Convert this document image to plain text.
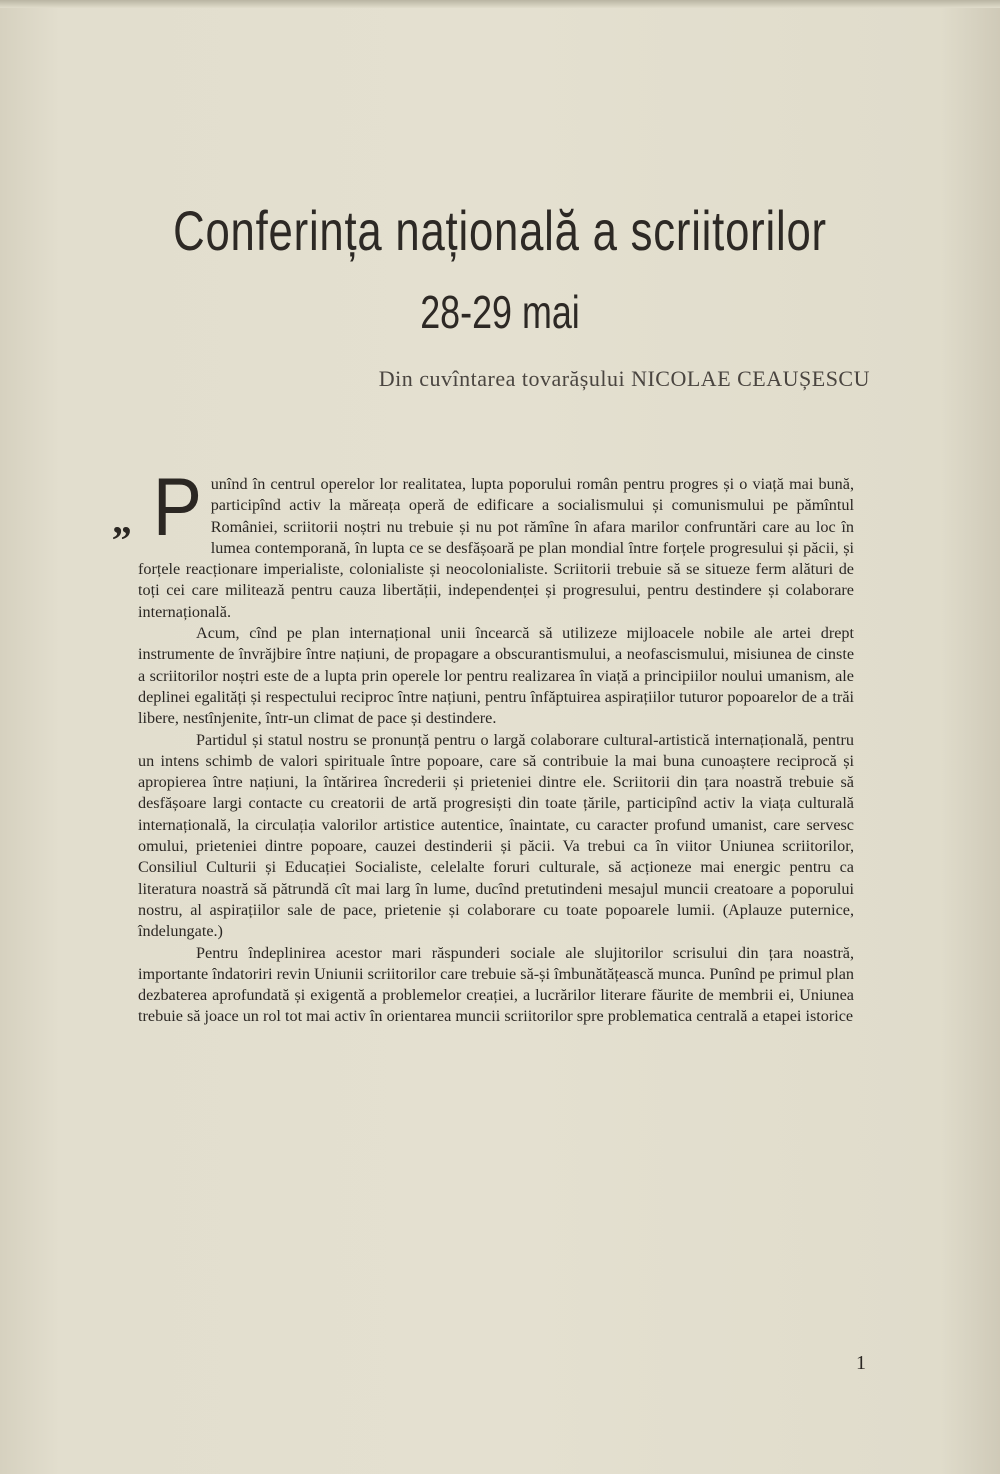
Conferința națională a scriitorilor
28-29 mai
Din cuvîntarea tovarășului NICOLAE CEAUȘESCU
„ Punînd în centrul operelor lor realitatea, lupta poporului român pentru progres și o viață mai bună, participînd activ la măreața operă de edificare a socialismului și comunismului pe pămîntul României, scriitorii noștri nu trebuie și nu pot rămîne în afara marilor confruntări care au loc în lumea contemporană, în lupta ce se desfășoară pe plan mondial între forțele progresului și păcii, și forțele reacționare imperialiste, colonialiste și neocolonialiste. Scriitorii trebuie să se situeze ferm alături de toți cei care militează pentru cauza libertății, independenței și progresului, pentru destindere și colaborare internațională.

Acum, cînd pe plan internațional unii încearcă să utilizeze mijloacele nobile ale artei drept instrumente de învrăjbire între națiuni, de propagare a obscurantismului, a neofascismului, misiunea de cinste a scriitorilor noștri este de a lupta prin operele lor pentru realizarea în viață a principiilor noului umanism, ale deplinei egalități și respectului reciproc între națiuni, pentru înfăptuirea aspirațiilor tuturor popoarelor de a trăi libere, nestînjenite, într-un climat de pace și destindere.

Partidul și statul nostru se pronunță pentru o largă colaborare cultural-artistică internațională, pentru un intens schimb de valori spirituale între popoare, care să contribuie la mai buna cunoaștere reciprocă și apropierea între națiuni, la întărirea încrederii și prieteniei dintre ele. Scriitorii din țara noastră trebuie să desfășoare largi contacte cu creatorii de artă progresiști din toate țările, participînd activ la viața culturală internațională, la circulația valorilor artistice autentice, înaintate, cu caracter profund umanist, care servesc omului, prieteniei dintre popoare, cauzei destinderii și păcii. Va trebui ca în viitor Uniunea scriitorilor, Consiliul Culturii și Educației Socialiste, celelalte foruri culturale, să acționeze mai energic pentru ca literatura noastră să pătrundă cît mai larg în lume, ducînd pretutindeni mesajul muncii creatoare a poporului nostru, al aspirațiilor sale de pace, prietenie și colaborare cu toate popoarele lumii. (Aplauze puternice, îndelungate.)

Pentru îndeplinirea acestor mari răspunderi sociale ale slujitorilor scrisului din țara noastră, importante îndatoriri revin Uniunii scriitorilor care trebuie să-și îmbunătățească munca. Punînd pe primul plan dezbaterea aprofundată și exigentă a problemelor creației, a lucrărilor literare făurite de membrii ei, Uniunea trebuie să joace un rol tot mai activ în orientarea muncii scriitorilor spre problematica centrală a etapei istorice

1
